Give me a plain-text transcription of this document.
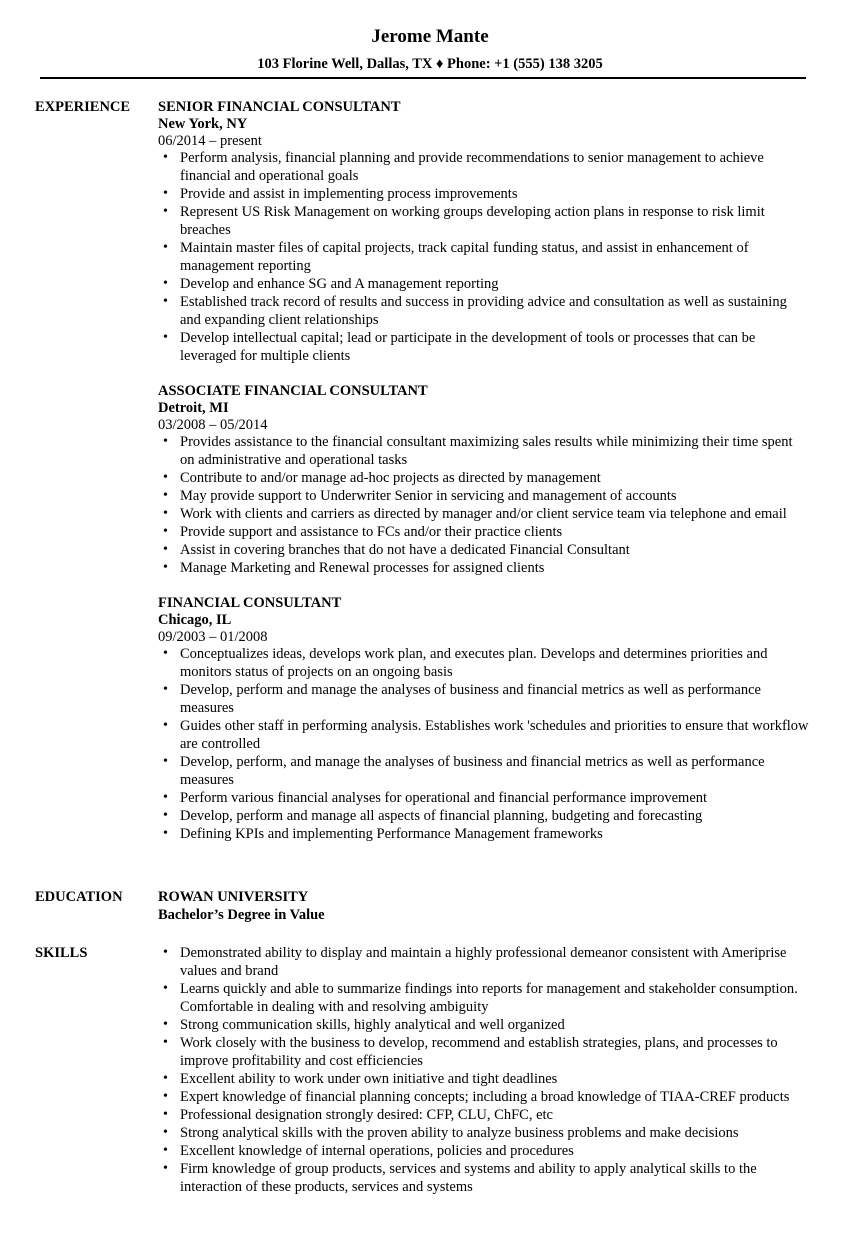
Jerome Mante
103 Florine Well, Dallas, TX ♦ Phone: +1 (555) 138 3205
EXPERIENCE	SENIOR FINANCIAL CONSULTANT
New York, NY
06/2014 – present
• Perform analysis, financial planning and provide recommendations to senior management to achieve financial and operational goals
• Provide and assist in implementing process improvements
• Represent US Risk Management on working groups developing action plans in response to risk limit breaches
• Maintain master files of capital projects, track capital funding status, and assist in enhancement of management reporting
• Develop and enhance SG and A management reporting
• Established track record of results and success in providing advice and consultation as well as sustaining and expanding client relationships
• Develop intellectual capital; lead or participate in the development of tools or processes that can be leveraged for multiple clients
ASSOCIATE FINANCIAL CONSULTANT
Detroit, MI
03/2008 – 05/2014
• Provides assistance to the financial consultant maximizing sales results while minimizing their time spent on administrative and operational tasks
• Contribute to and/or manage ad-hoc projects as directed by management
• May provide support to Underwriter Senior in servicing and management of accounts
• Work with clients and carriers as directed by manager and/or client service team via telephone and email
• Provide support and assistance to FCs and/or their practice clients
• Assist in covering branches that do not have a dedicated Financial Consultant
• Manage Marketing and Renewal processes for assigned clients
FINANCIAL CONSULTANT
Chicago, IL
09/2003 – 01/2008
• Conceptualizes ideas, develops work plan, and executes plan. Develops and determines priorities and monitors status of projects on an ongoing basis
• Develop, perform and manage the analyses of business and financial metrics as well as performance measures
• Guides other staff in performing analysis. Establishes work 'schedules and priorities to ensure that workflow are controlled
• Develop, perform, and manage the analyses of business and financial metrics as well as performance measures
• Perform various financial analyses for operational and financial performance improvement
• Develop, perform and manage all aspects of financial planning, budgeting and forecasting
• Defining KPIs and implementing Performance Management frameworks
EDUCATION	ROWAN UNIVERSITY
Bachelor’s Degree in Value
SKILLS
•	Demonstrated ability to display and maintain a highly professional demeanor consistent with Ameriprise values and brand
• Learns quickly and able to summarize findings into reports for management and stakeholder consumption. Comfortable in dealing with and resolving ambiguity
• Strong communication skills, highly analytical and well organized
• Work closely with the business to develop, recommend and establish strategies, plans, and processes to improve profitability and cost efficiencies
• Excellent ability to work under own initiative and tight deadlines
• Expert knowledge of financial planning concepts; including a broad knowledge of TIAA-CREF products
• Professional designation strongly desired: CFP, CLU, ChFC, etc
• Strong analytical skills with the proven ability to analyze business problems and make decisions
• Excellent knowledge of internal operations, policies and procedures
• Firm knowledge of group products, services and systems and ability to apply analytical skills to the interaction of these products, services and systems
